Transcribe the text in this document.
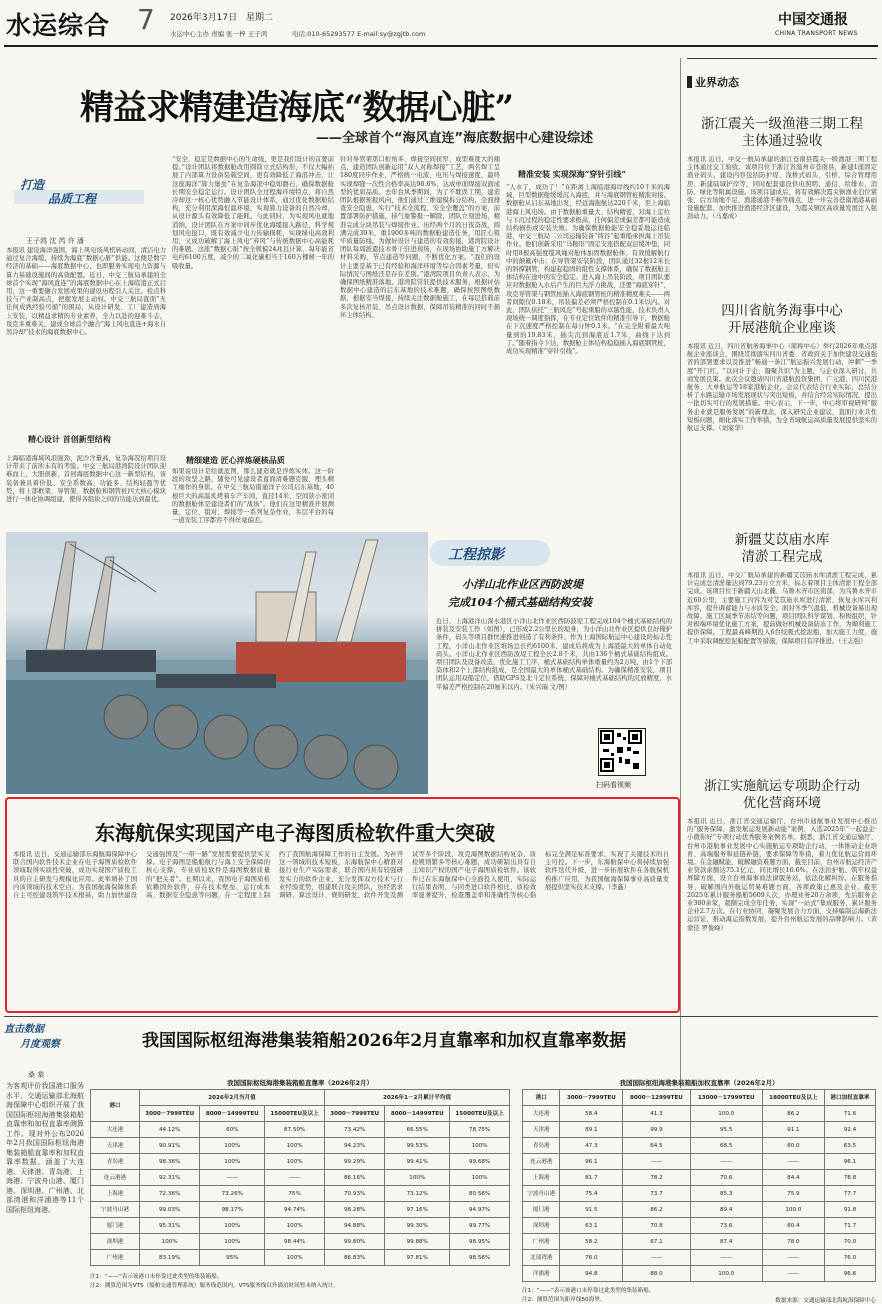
水运综合 7 2026年3月17日 星期二
水运中心主办 责编 张一梓 王子鸿	电话:010-65293577 E-mail:sy@zgjtb.com
中国交通报
CHINA TRANSPORT NEWS
精益求精建造海底“数据心脏”
——全球首个“海风直连”海底数据中心建设综述
打造
品质工程
王子鸿 沈 芮 许 潘
本报讯 建设海洋强国，海上风电场风机转动间，清洁电力通过复合海缆，持续为海底“数据心脏”供能。这便是数字经济的基础——海底数据中心，也即服务实现电力资源与算力基础设施间的高效配置。近日，中交三航局承建的全球首个实现“海风直连”的海底数据中心在上海临港正式启用，这一重要融合发展成果的建设历程引人关注。检点科技与产业制高点，把握发展主动权。中交三航局直面“无任何成熟经验可循”的困局，从设计研发、工厂建造到海上安装，以精益求精的专业素养，全力以赴的迎难斗志，攻克多重难关，建成全球首个融合“海上风电直连+海水自然冷却”技术的海底数据中心。
精心设计 首创新型结构
上海临港海域风浪强劲、泥沙含量高，复杂海况给项目设计带来了前所未有的考验。中交三航局港湾院设计团队迎难而上，大胆创新，首创海底数据中心这一新型结构，该装备兼具着价低、安全系数高、功能多、结构轻盈等优势，将上部框架、导管架、数据舱和钢管桩四大核心模块进行一体化协调组建，使得各组块之间的功能达到最优。
“安全、稳定是数据中心的生命线，更是我们设计的首要前提。”设计团队将数据舱改用圆筒立式结构形，不仅大幅拓展了内部算力设备装载空间，更有效降低了海浪冲击，让这座海洋“算力堡垒”在复杂海况中稳如磐石，确保数据舱长期安全稳定运行。设计团队全过程海环境特点，将自然冷却这一核心优势融入节能设计体系，通过优化数据舱结构，充分利用深海恒温环境，实现算力设备的自然冷却，从设计源头有效降低了能耗。与此同时，为实现风电就地消纳，设计团队在方案中同步优化海缆接入路径，科学规划风电接口，既有效减少电力传输损耗，实现绿电高效利用，又成功破解了海上风电“弃风”与传统数据中心高能耗的难题。这座“数据心脏”按全规模24兆瓦计算，每年能省电约6100万度，减少的二氧化碳相当于160万棵树一年的吸收量。
精细建造 匠心淬炼硬核品质
如果说设计是绘就蓝图，那么建造就是淬炼实体。这一阶段的攻坚之路，随处可见建设者直面清难题克服、埋头精工细作的身影。在中交三航局南通洋子公司启东基地，40根巨大的高温炙烤着车产车间，直径14米、空间狭小密闭的数据舱体是建设者们的“战场”。他们在这里精准开展测量、定位、组对、焊接等一系列复杂作业，多层平台的每一道安装工序都容不得丝毫偏差。
针对导管架第口桁角多、焊接空间狭窄、成型难度大的痛点，建造团队创新运用“双人对称焊接”工艺，两名焊工呈180度同步作业，严格统一电流、电压与焊接速度，最终实现焊缝一次性合格率高达98.6%，达成单面焊接双面成型的优质品质。去年台风季期间，为了不耽误工期，建造团队根据预报风向，他们通过三维建模拆分结构，全面排查安全隐患，实行“技术全流程、安全全覆盖”的方案，前置部署防护措施，持气象警报一解除，团队立刻进场，精准完成分块吊装与焊接作业。历经两个月的日夜奋战，圆满完成39米，重1900多吨的数据舱建造任务，用匠心筑牢质量防线。为做好设计与建造的有效衔接，港湾院设计团队每周派遣技术骨干驻进现场，在现场协助施工方解决材料采购、节点建造等问题，不断优化方案。“我们的设计主要是基于已有经验和海洋环境等综合因素考量，但实际情况与图纸还是存在差别。”港湾院项目负责人表示，为确保图纸精准落地，港湾院常驻提供技术服务，根据评估数据中心建造的启东基地的技术难题，确保按照图纸数据，根据安当焊接，持续关注数据舱施工，在每层搭载前多次复核吊装、吊点设计数据，保障吊装精准的同时不损坏主体结构。
精准安装 实现深海“穿针引线”
“人水了，成功了！”在距离上海临港海岸线约10千米的海域，巨型数据舱缓缓沉入海底，并与海底钢管桩精准对接。数据舱从启东基地出发，经远海拖航达220千米，至上海临港海上风电场。由于数据舱重量大、结构精密，对海上定位与下沉过程的稳定性要求极高，任何偏差或偏差都可能造成结构损伤或安装失败。为确保数据舱能安全稳妥地运往临港，中交三航局二公司运输装备“铸谷”起重船承担海上吊装作业。他们创新采用“马鞍形”固定支座搭配双层缓冲垫，同时用8根高强度缆风绳对舱体加固数据舱体，有效缓解航行中的颠簸冲击；在导管架安装阶段，团队通过32根12米长的斜撑钢管，构建起稳固的组性支撑体系，确保了数据舱主体结构在途中的安全稳定。进入海上吊装阶段，项目团队要应对数据舱入水后产生的巨大浮力挑战，还要“海底穿针”，攻克导管架与钢管桩插入海底钢管桩的精准精度难关——两者间隙仅0.18米，吊装偏差必须严格控制在0.1米以内。对此，团队依托“三航风范”号起重船的卓越性能，技术负责人现场统一调度指挥，在专业定位软件的精准引导下，数据舱在下沉速度严格控制在每分钟0.1米。“在完全附着最大吨量到的19.83米，插尖沉到海底近1.7米，曲线下达到了。”随着指令下达，数据舱主体结构稳稳插入海底钢管桩，成功实现精准“穿针引线”。
业界动态
浙江震关一级渔港三期工程
主体通过验收
本报讯 近日，中交一航局承建的浙江苍南县霞关一级渔港三期工程主体通过交工验收。该项目位于浙江省温州市苍南县，新建1座固定渔业码头，建设内容包括防护堤、浅桥式码头、引桥、综合管理用房、新建陆域护岸等，同时配套建设供电照明、通信、给排水、消防、绿化等附属设施。该项目建成后，将有效解决霞关镇渔业泊位紧张、后方场地不足、渔港通港不畅等痛点，进一步完善苍南渔港基础设施配套，加快推进渔港经济区建设，为霞关镇区高质量发展注入强劲动力。（马嘉成）
四川省航务海事中心
开展港航企业座谈
本报讯 近日，四川省航务海事中心（简称中心）举行2026年重点港航企业座谈会，围绕贯彻落实四川省委、省政府关于加快建设交通强省的部署要求以及推进“畅通一条江”航运振兴发展行动，冲刺“一季度”开门红，“以问计于企、凝聚共识”为主题，与企业深入研讨，共商发展良策。此次会议邀请四川省港航投资集团、广元港、四川民港航务、大单航运等18家港航企业。会议代表结合行业实际，总结分析了水路运输市场发展现状与突出短板，并结合经营实际情况，提出一批切实可行的发展措施。中心表示，下一步，中心将审视研判“服务企业就是服务发展”的新理念，深入研究企业建议，直面行业共性短板问题，细化落实工作举措，为全省域航运高质量发展提供坚实的航运支撑。（刘家华）
新疆艾苡庙水库
清淤工程完成
本报讯 近日，中交广航局承建的新疆艾苡庙水库清淤工程完成，累计完成总清淤量达到79.23万立方米，标志着项目主体清淤工程全部完成。该项目位于新疆天山北麓、乌鲁木齐市区南部，为乌鲁木齐市近60公里，主要施工内容为对艾苡庙水库进行清淤、恢复水库兴利库容，提升调蓄能力与水质安全。面对冬季气温低、机械设备易出现故障、施工区域季节冻结等问题，项目团队科学谋划、积极组织，针对极端环境优化施工方案，提前做好机械设备防冻工作，为顺利施工提供保障。工程最高峰期投入6台绞吸式挖泥船，加大施工力度，施工中采取调配挖泥船配置等措施，保障项目有序推进。（王志强）
浙江实施航运专项助企行动
优化营商环境
本报讯 近日，浙江省交通运输厅、台州市通航事业发展中心推出的“服务保障，激发航运发展新动能”案例，入选2025年“一起益企·小微你好”专项行动优秀服务案例名单。据悉，浙江省交通运输厅、台州市港航事业发展中心实施航运专项助企行动，一体推动企业培育、高端服务和延链补链，要求保障等举措，着力优化航运营商环境。在金融赋能、破解融资难题方面，截至目前，台州市航运经济产业贷款余额达75.1亿元，同比增长16.6%。在法治护航、筑牢权益屏障方面，设立台州海事商法律服务站，依法化解纠纷。在服务指导、破解国内外航运贸易难题方面，各项政策已惠及企业，截至2025年累计服务船舶5609人次，办理业务20万余项，先后服务企业300余家，超额完成全年任务，实现“一站式”集成服务，累计服务企业2.7万次。在行业协同、凝聚发展合力方面，支持编制运海新法运营证，推动海运指数发展，提升台州航运发展的品牌影响力。（黄蒙佳 罗俊峰）
工程掠影
小洋山北作业区西防波堤
完成104个桶式基础结构安装
近日，上海港洋山深水港区小洋山北作业区西防波堤工程完成104个桶式基础结构的拼装及安装工作（如图），已形成2.2公里长的堤身，为小洋山北作业区提供良好掩护条件，码头等项目群快速推进创造了有利条件。作为上海国际航运中心建设的标志性工程，小洋山北作业区堆场总长约6100米，建成后将成为上海港最大的单体自动化码头。小洋山北作业区西防波堤工程全长2.8千米，共由136个桶式基础结构组成。项目团队及设备改造，优化施工工序，桶式基础结构单体重量约为2万吨，由1个下部筒体和2个上部结构组成，是全国最大的单体桶式基础结构。为确保精准安装，项目团队运用双船定位，借助GPS及北斗定位系统，保障对桶式基础结构的沉放精度，水平偏差严格控制在20厘米以内。（朱兴瑞 文/图）
扫码看视频
东海航保实现国产电子海图质检软件重大突破
本报讯 近日，交通运输部东海航海保障中心联合国内软件技术企业在电子海图质检软件领域取得实质性突破，成功实现国产质检工具的自主研发与规模化应用。此举填补了国内该领域的技术空白，为我国航海保障体系自主可控建设筑牢技术根基，助力加快建设交通强国及“一带一路”发展需要提供坚实支撑。电子海图是船舶航行与海上安全保障的核心支撑，专业质检软件是海图数据质量的“把关者”。长期以来，我国电子海图质检依赖国外软件，存在技术壁垒、运行成本高、数据安全隐患等问题，在一定程度上制约了我国航海保障工作的自主发展。为补齐这一领域的技术短板，东海航保中心精准对接行业生产实际需求，联合国内具有较强研发实力的软件企业，充分发挥双方技术与行业经验优势，组建联合攻关团队，历经需求调研、算法设计、规则研发、软件开发及测试等多个阶段，攻克海图数据结构复杂、质检规则繁多等核心难题，成功研制出具有自主知识产权的国产电子海图质检软件。该软件已在东海航保中心全面投入使用，实际运行结果表明，与同类进口软件相比，质检效率显著提升，检查覆盖率和准确性等核心指标完全满足标准要求，实现了关键技术的自主可控。下一步，东海航保中心将持续加强软件迭代升级，进一步拓展软件在各航保机构推广应用，为我国航海保障事业高质量发展提供坚实技术支撑。（李鑫）
直击数据
月度观察	我国国际枢纽海港集装箱船2026年2月直靠率和加权直靠率数据
桑 棠
为客观评价我国港口服务水平，交通运输部北海航海保障中心组织开展了我国国际枢纽海港集装箱船直靠率和加权直靠率测算工作。现对外公布2026年2月我国国际枢纽海港集装箱船直靠率和加权直靠率数据，涵盖了大连港、天津港、青岛港、上海港、宁波舟山港、厦门港、深圳港、广州港、北部湾港和洋浦港等11个国际枢纽海港。
我国国际枢纽海港集装箱船直靠率（2026年2月）
港口	2026年2月当月值			2026年1－2月累计平均值		
	3000－7999TEU	8000－14999TEU	15000TEU及以上	3000－7999TEU	8000－14999TEU	15000TEU及以上
大连港	44.12%	60%	87.50%	73.42%	66.55%	78.75%
天津港	90.91%	100%	100%	94.23%	99.53%	100%
青岛港	98.36%	100%	100%	99.29%	99.41%	99.68%
连云港港	92.31%	——	——	86.16%	100%	100%
上海港	72.36%	73.26%	75%	70.93%	73.12%	80.56%
宁波舟山港	99.03%	98.17%	94.74%	98.28%	97.16%	94.97%
厦门港	95.31%	100%	100%	94.88%	99.30%	99.77%
深圳港	100%	100%	98.44%	99.80%	99.88%	98.95%
广州港	83.19%	95%	100%	86.83%	97.81%	98.56%
注1：“——”表示该港口未停靠过此类型的集装箱船。
注2：测算范围为VTS（船舶交通管理系统）服务线范围内，VTS服务线以外锚泊时间暂未纳入统计。
我国国际枢纽海港集装箱船加权直靠率（2026年2月）
港口	3000－7999TEU	8000－12999TEU	13000－17999TEU	18000TEU及以上	港口加权直靠率
大连港	58.4	41.3	100.0	86.2	71.6
天津港	89.1	99.9	95.5	91.1	92.4
青岛港	47.3	64.5	68.5	80.0	63.5
连云港港	96.1	——	——	——	96.1
上海港	81.7	78.2	70.6	84.4	78.8
宁波舟山港	75.4	73.7	85.3	75.9	77.7
厦门港	91.5	86.2	89.4	100.0	91.8
深圳港	63.1	70.8	73.6	80.4	71.7
广州港	58.2	67.1	87.4	78.0	70.0
北部湾港	76.0	——	——	——	76.0
洋浦港	94.8	88.0	100.0	——	96.6
注1：“——”表示该港口未停靠过此类型的集装箱船。
注2：测算范围为距岸线50海里。	数据来源：交通运输部北海航海保障中心
